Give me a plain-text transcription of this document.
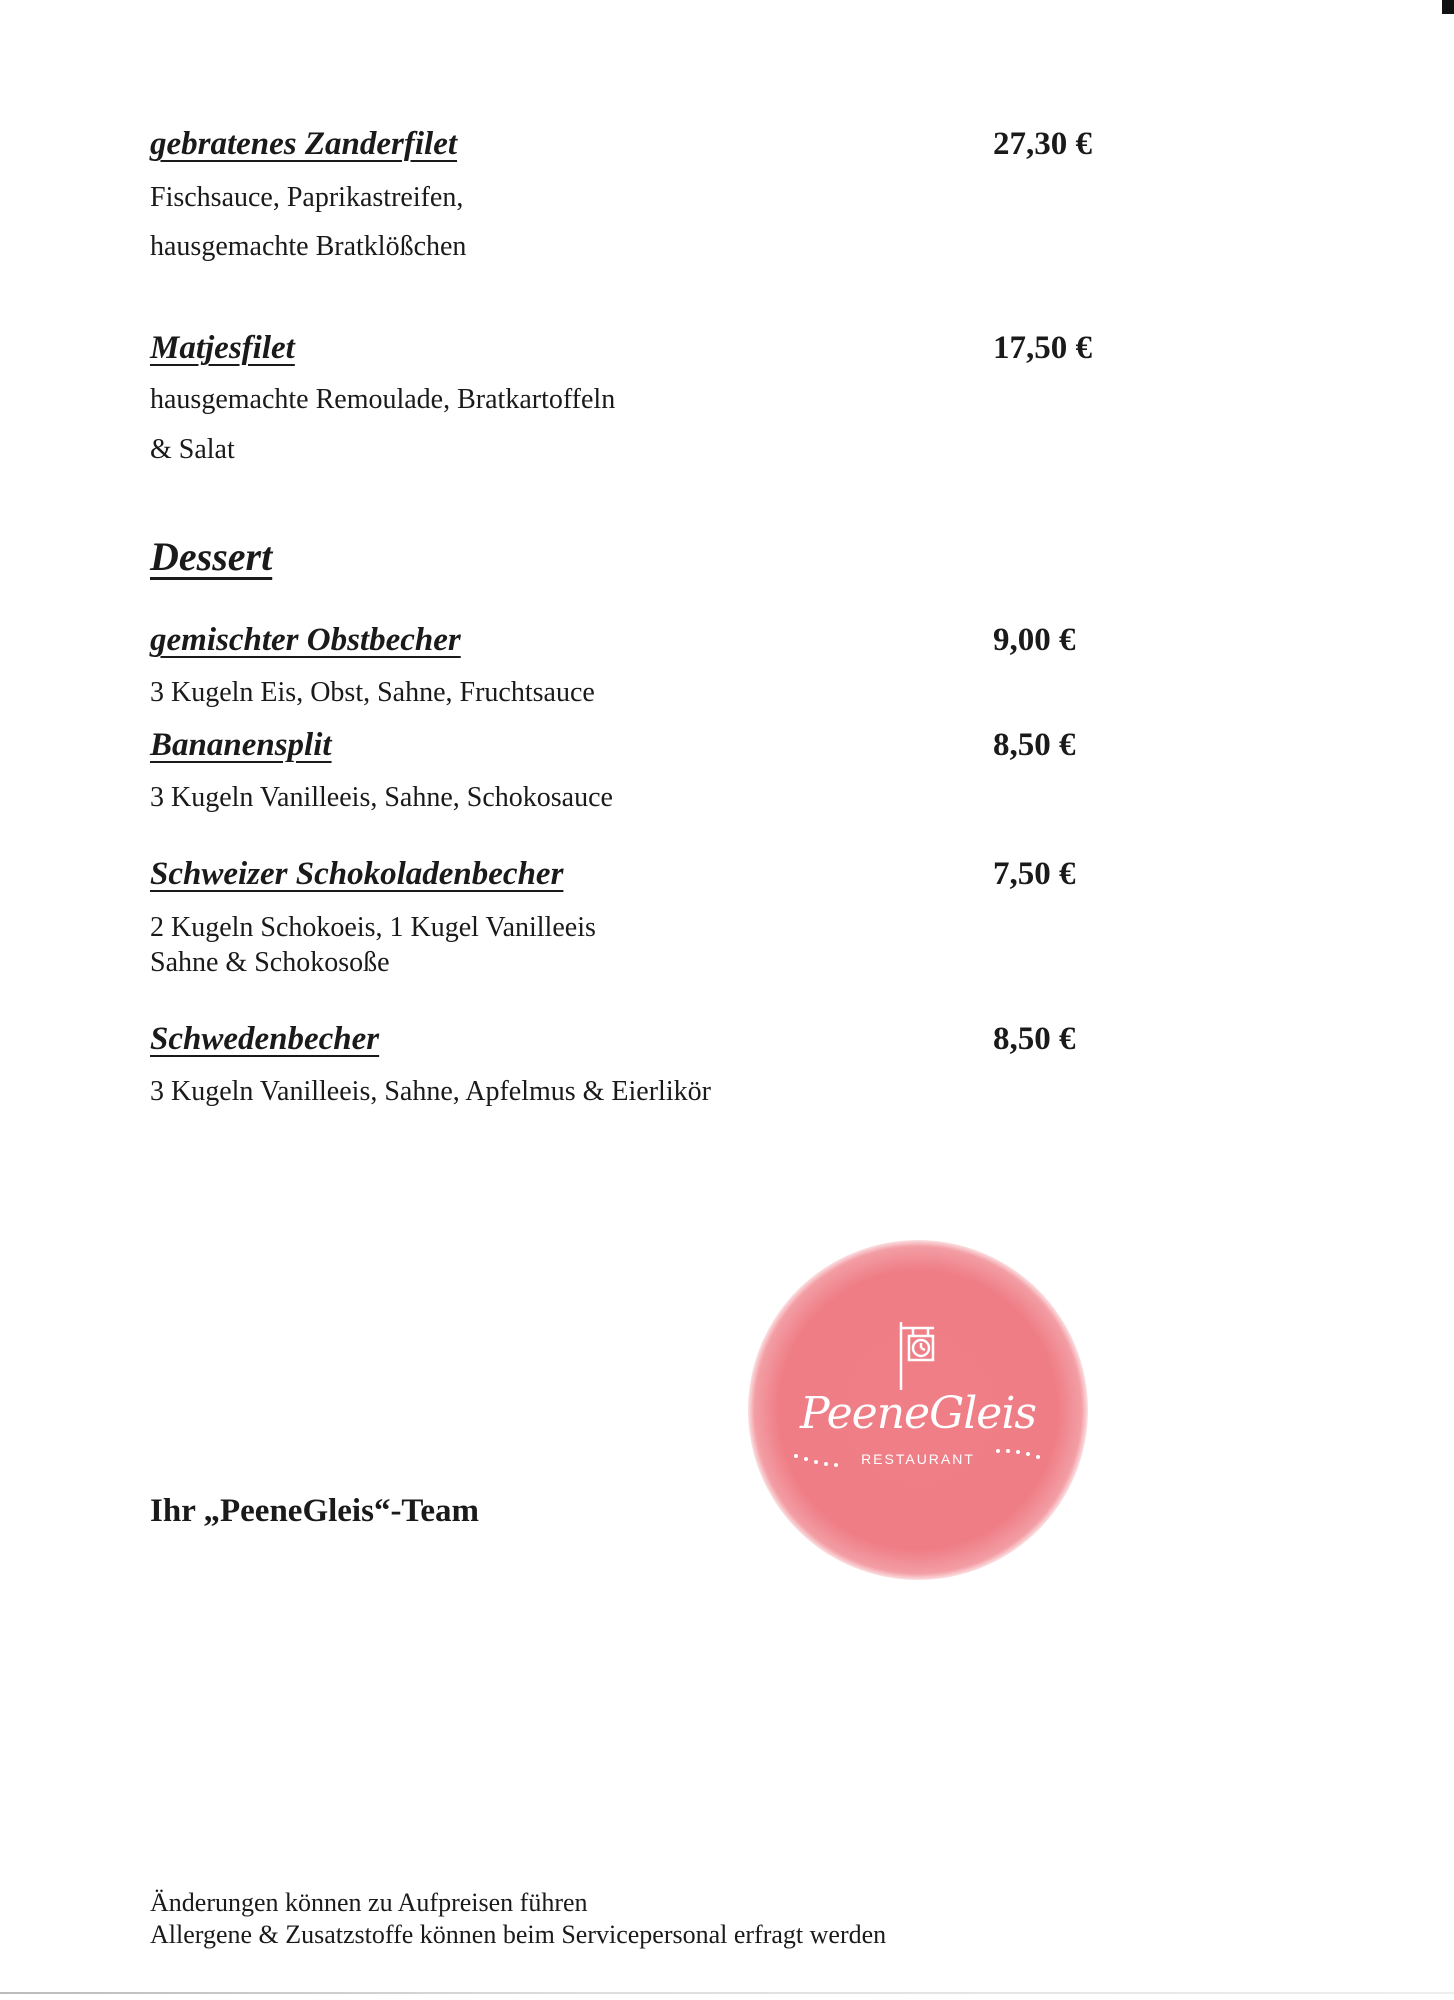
gebratenes Zanderfilet	27,30 €

Fischsauce, Paprikastreifen,

hausgemachte Bratklößchen

Matjesfilet	17,50 €

hausgemachte Remoulade, Bratkartoffeln

& Salat

Dessert
gemischter Obstbecher	9,00 €

3 Kugeln Eis, Obst, Sahne, Fruchtsauce

Bananensplit	8,50 €

3 Kugeln Vanilleeis, Sahne, Schokosauce

Schweizer Schokoladenbecher	7,50 €

2 Kugeln Schokoeis, 1 Kugel Vanilleeis

Sahne & Schokosoße

Schwedenbecher	8,50 €

3 Kugeln Vanilleeis, Sahne, Apfelmus & Eierlikör

PeeneGleis
RESTAURANT

Ihr „PeeneGleis“-Team

Änderungen können zu Aufpreisen führen

Allergene & Zusatzstoffe können beim Servicepersonal erfragt werden
